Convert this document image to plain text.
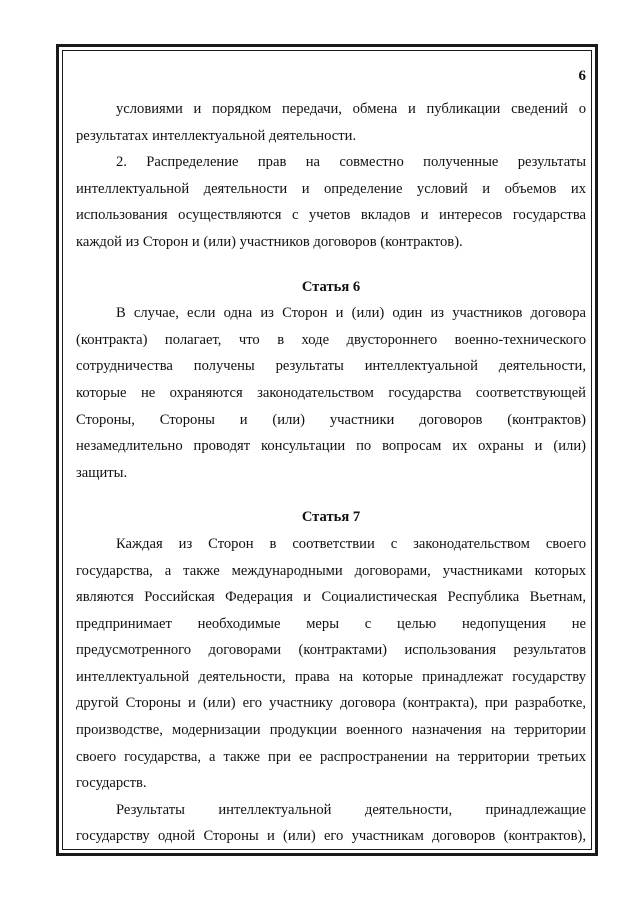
6
условиями и порядком передачи, обмена и публикации сведений о
результатах интеллектуальной деятельности.
2. Распределение прав на совместно полученные результаты
интеллектуальной деятельности и определение условий и объемов их
использования осуществляются с учетов вкладов и интересов государства
каждой из Сторон и (или) участников договоров (контрактов).
Статья 6
В случае, если одна из Сторон и (или) один из участников договора
(контракта) полагает, что в ходе двустороннего военно-технического
сотрудничества получены результаты интеллектуальной деятельности,
которые не охраняются законодательством государства соответствующей
Стороны, Стороны и (или) участники договоров (контрактов)
незамедлительно проводят консультации по вопросам их охраны и (или)
защиты.
Статья 7
Каждая из Сторон в соответствии с законодательством своего
государства, а также международными договорами, участниками которых
являются Российская Федерация и Социалистическая Республика Вьетнам,
предпринимает необходимые меры с целью недопущения не
предусмотренного договорами (контрактами) использования результатов
интеллектуальной деятельности, права на которые принадлежат государству
другой Стороны и (или) его участнику договора (контракта), при разработке,
производстве, модернизации продукции военного назначения на территории
своего государства, а также при ее распространении на территории третьих
государств.
Результаты интеллектуальной деятельности, принадлежащие
государству одной Стороны и (или) его участникам договоров (контрактов),
